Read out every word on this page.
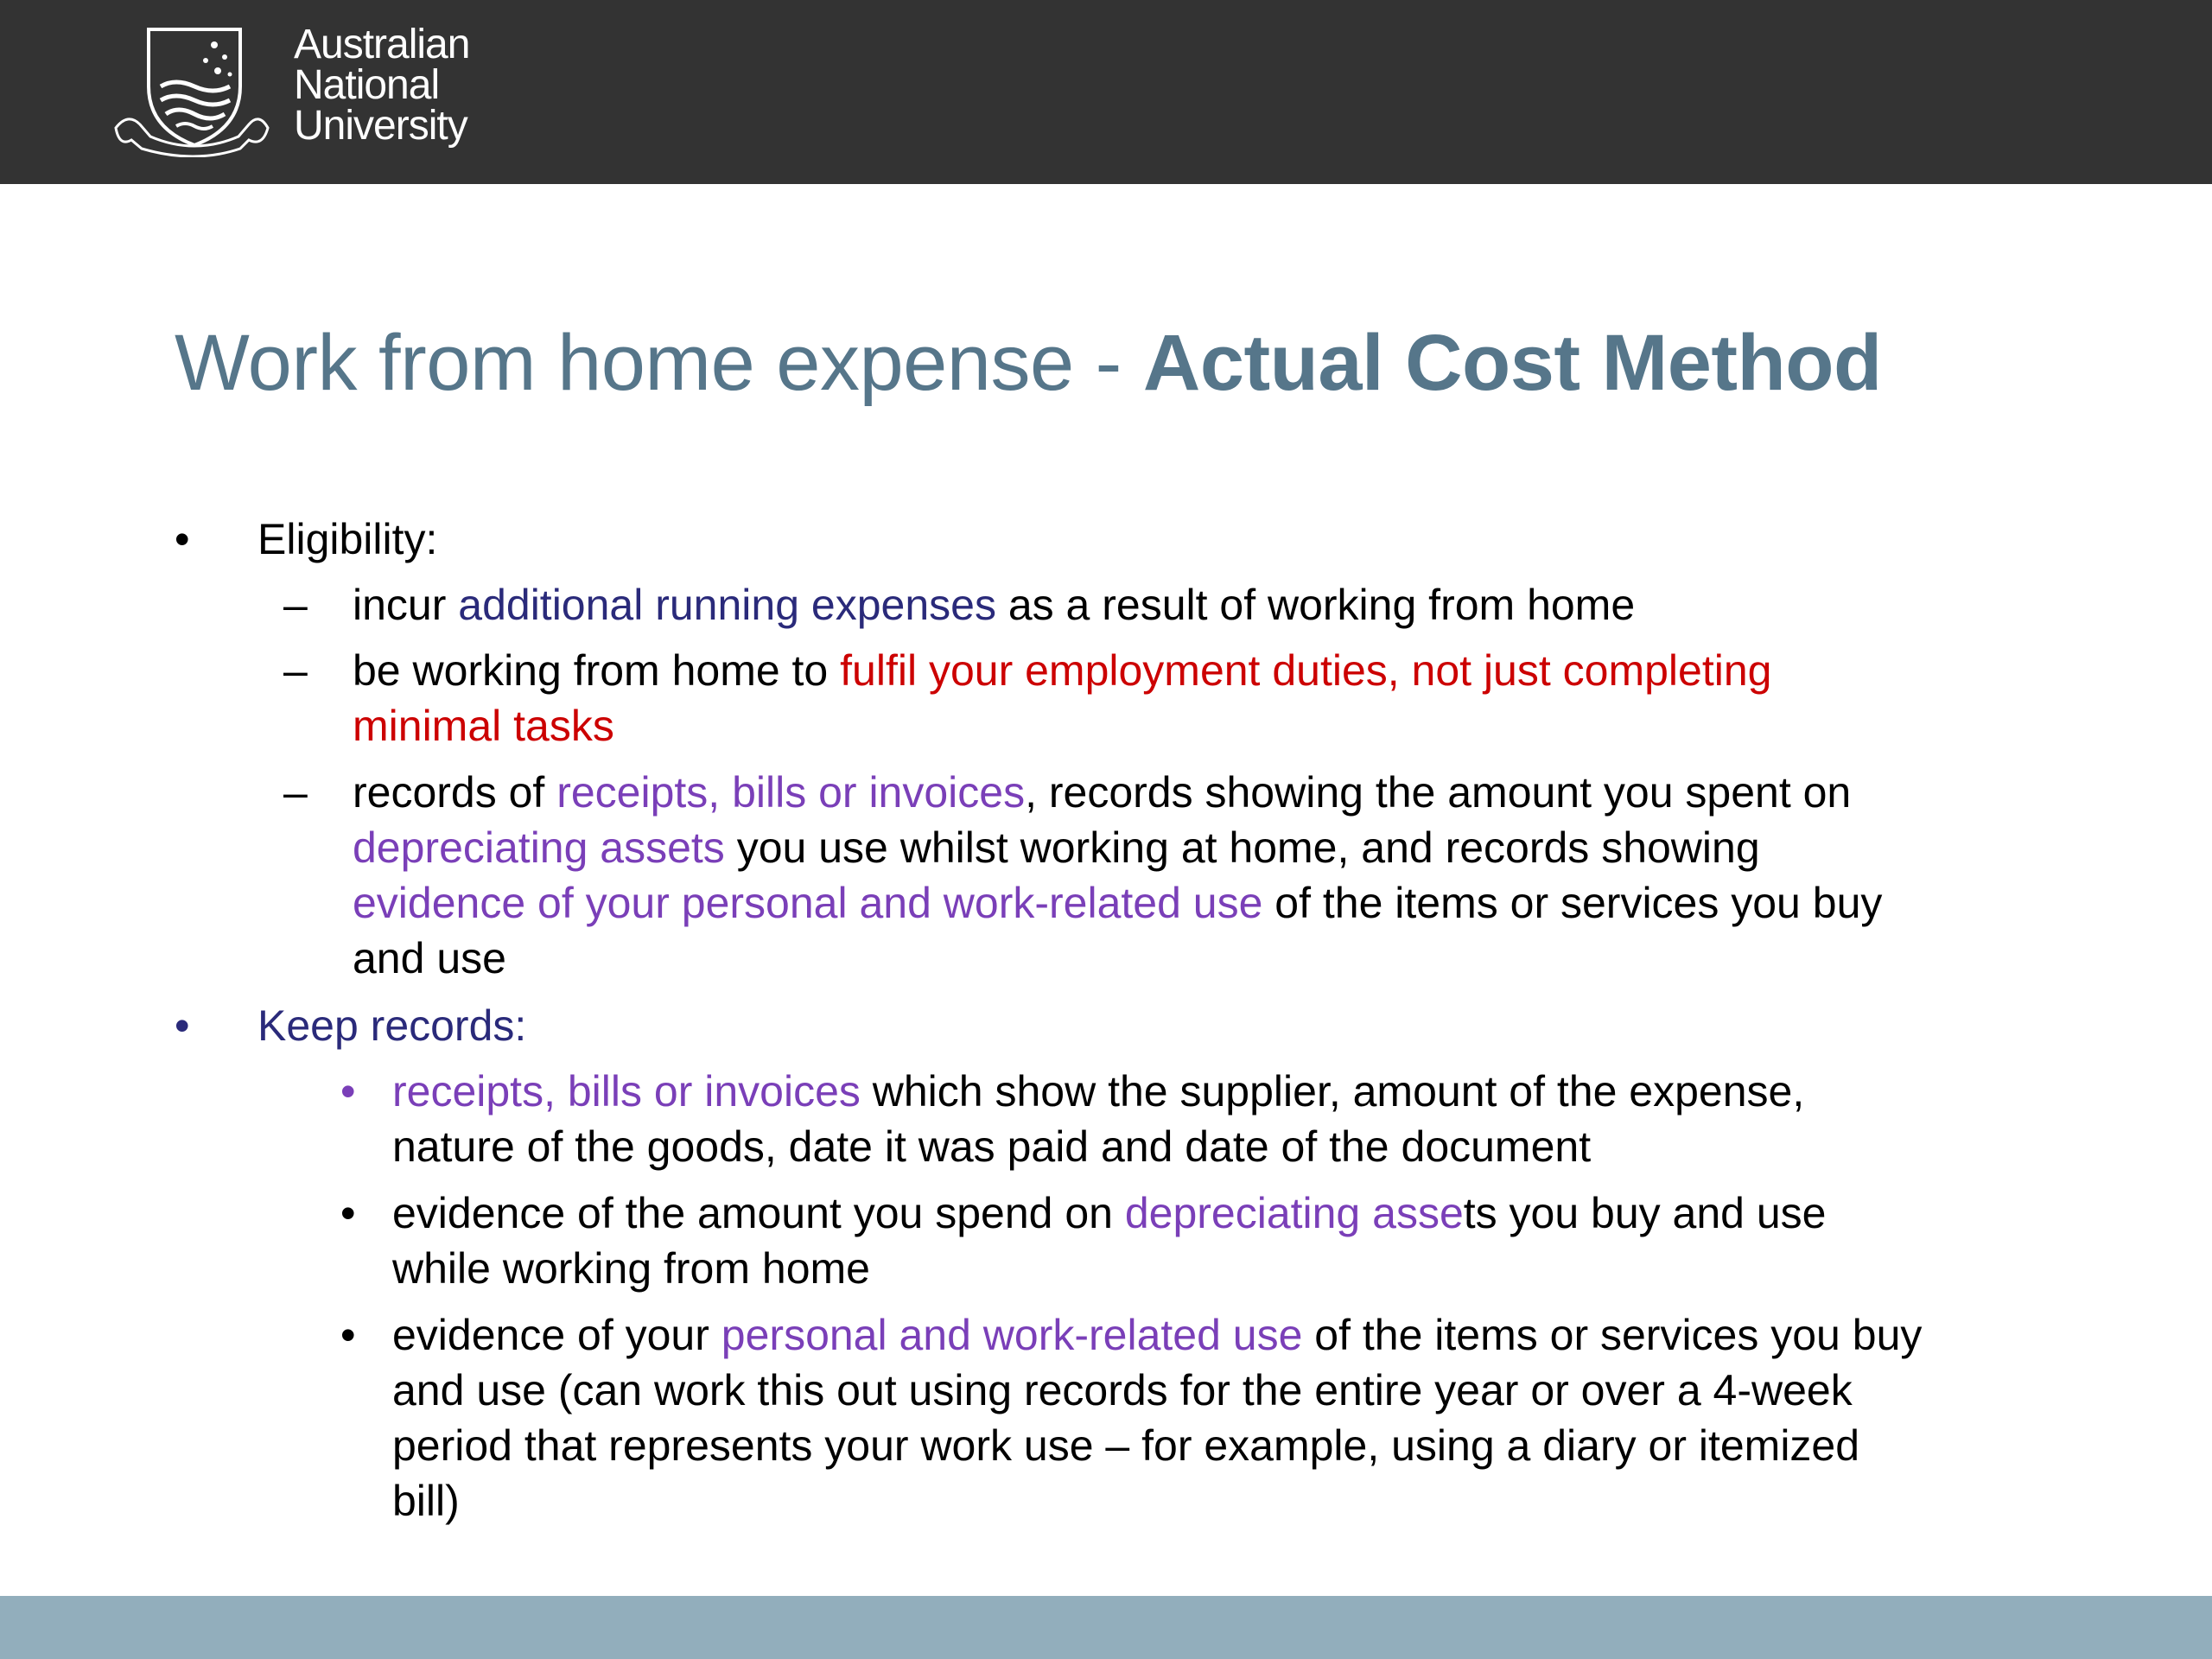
Australian
National
University
Work from home expense - Actual Cost Method
• Eligibility:
– incur additional running expenses as a result of working from home
– be working from home to fulfil your employment duties, not just completing
minimal tasks
– records of receipts, bills or invoices, records showing the amount you spent on
depreciating assets you use whilst working at home, and records showing
evidence of your personal and work-related use of the items or services you buy
and use
• Keep records:
• receipts, bills or invoices which show the supplier, amount of the expense,
nature of the goods, date it was paid and date of the document
• evidence of the amount you spend on depreciating assets you buy and use
while working from home
• evidence of your personal and work-related use of the items or services you buy
and use (can work this out using records for the entire year or over a 4-week
period that represents your work use – for example, using a diary or itemized
bill)
